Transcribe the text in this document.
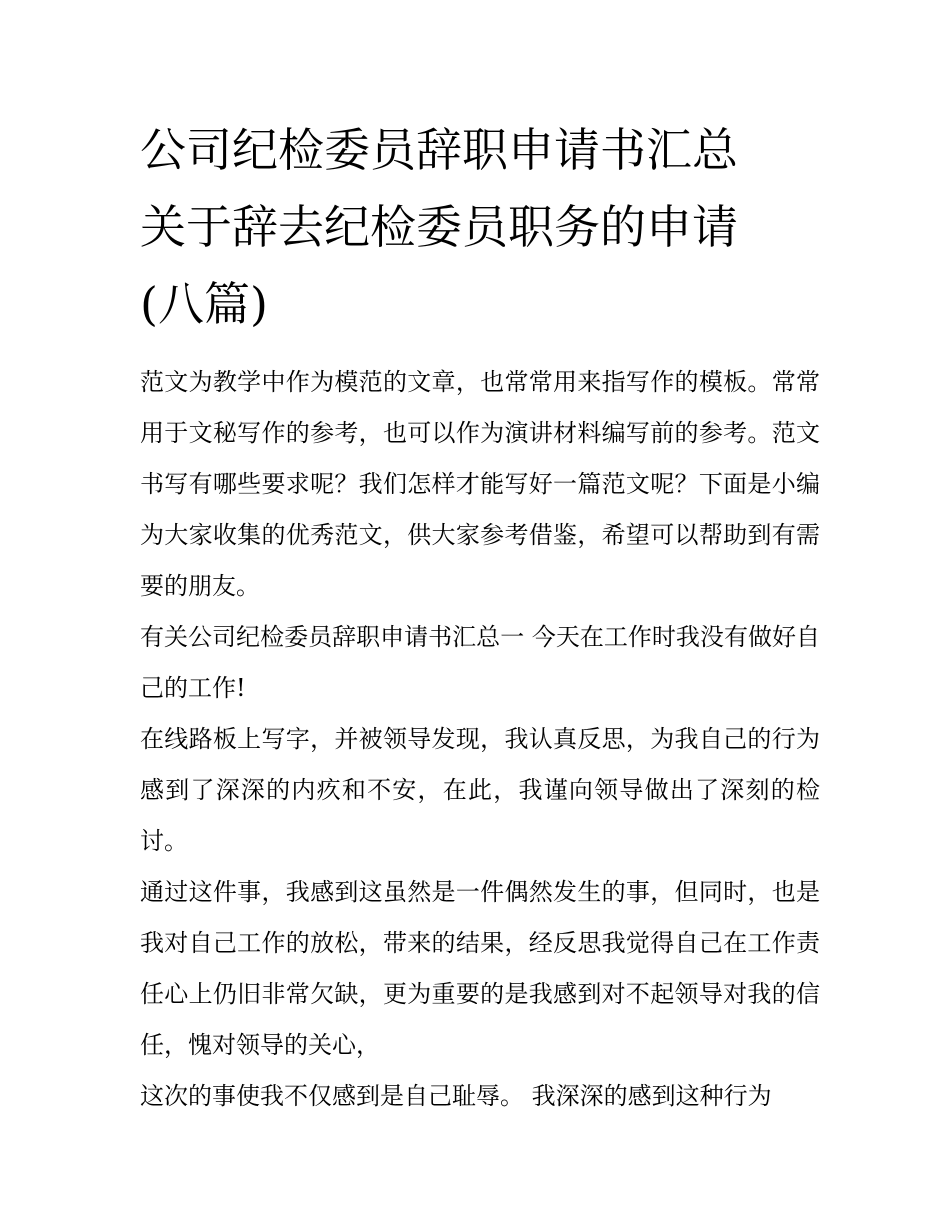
公司纪检委员辞职申请书汇总
关于辞去纪检委员职务的申请
(八篇)

范文为教学中作为模范的文章，也常常用来指写作的模板。常常用于文秘写作的参考，也可以作为演讲材料编写前的参考。范文书写有哪些要求呢？我们怎样才能写好一篇范文呢？下面是小编为大家收集的优秀范文，供大家参考借鉴，希望可以帮助到有需要的朋友。

有关公司纪检委员辞职申请书汇总一 今天在工作时我没有做好自己的工作!

在线路板上写字，并被领导发现，我认真反思，为我自己的行为感到了深深的内疚和不安，在此，我谨向领导做出了深刻的检讨。

通过这件事，我感到这虽然是一件偶然发生的事，但同时，也是我对自己工作的放松，带来的结果，经反思我觉得自己在工作责任心上仍旧非常欠缺，更为重要的是我感到对不起领导对我的信任，愧对领导的关心，

这次的事使我不仅感到是自己耻辱。 我深深的感到这种行为
